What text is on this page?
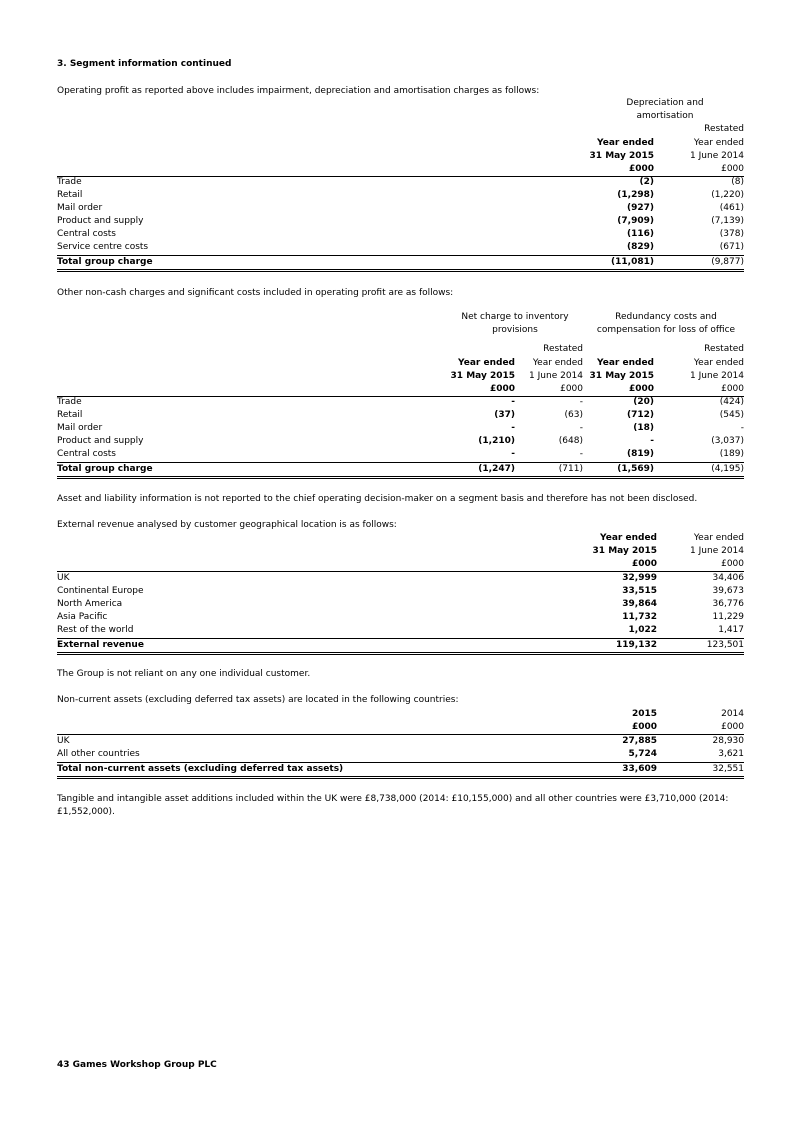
3. Segment information continued

Operating profit as reported above includes impairment, depreciation and amortisation charges as follows:

Depreciation and amortisation
Year ended
31 May 2015
£000
Restated
Year ended
1 June 2014
£000
Trade	(2)	(8)
Retail	(1,298)	(1,220)
Mail order	(927)	(461)
Product and supply	(7,909)	(7,139)
Central costs	(116)	(378)
Service centre costs	(829)	(671)
Total group charge	(11,081)	(9,877)

Other non-cash charges and significant costs included in operating profit are as follows:

Net charge to inventory provisions
Redundancy costs and compensation for loss of office
Year ended
31 May 2015
£000
Restated
Year ended
1 June 2014
£000
Year ended
31 May 2015
£000
Restated
Year ended
1 June 2014
£000
Trade	-	-	(20)	(424)
Retail	(37)	(63)	(712)	(545)
Mail order	-	-	(18)	-
Product and supply	(1,210)	(648)	-	(3,037)
Central costs	-	-	(819)	(189)
Total group charge	(1,247)	(711)	(1,569)	(4,195)

Asset and liability information is not reported to the chief operating decision-maker on a segment basis and therefore has not been disclosed.

External revenue analysed by customer geographical location is as follows:

Year ended
31 May 2015
£000
Year ended
1 June 2014
£000
UK	32,999	34,406
Continental Europe	33,515	39,673
North America	39,864	36,776
Asia Pacific	11,732	11,229
Rest of the world	1,022	1,417
External revenue	119,132	123,501

The Group is not reliant on any one individual customer.

Non-current assets (excluding deferred tax assets) are located in the following countries:

2015
£000
2014
£000
UK	27,885	28,930
All other countries	5,724	3,621
Total non-current assets (excluding deferred tax assets)	33,609	32,551

Tangible and intangible asset additions included within the UK were £8,738,000 (2014: £10,155,000) and all other countries were £3,710,000 (2014: £1,552,000).

43 Games Workshop Group PLC
